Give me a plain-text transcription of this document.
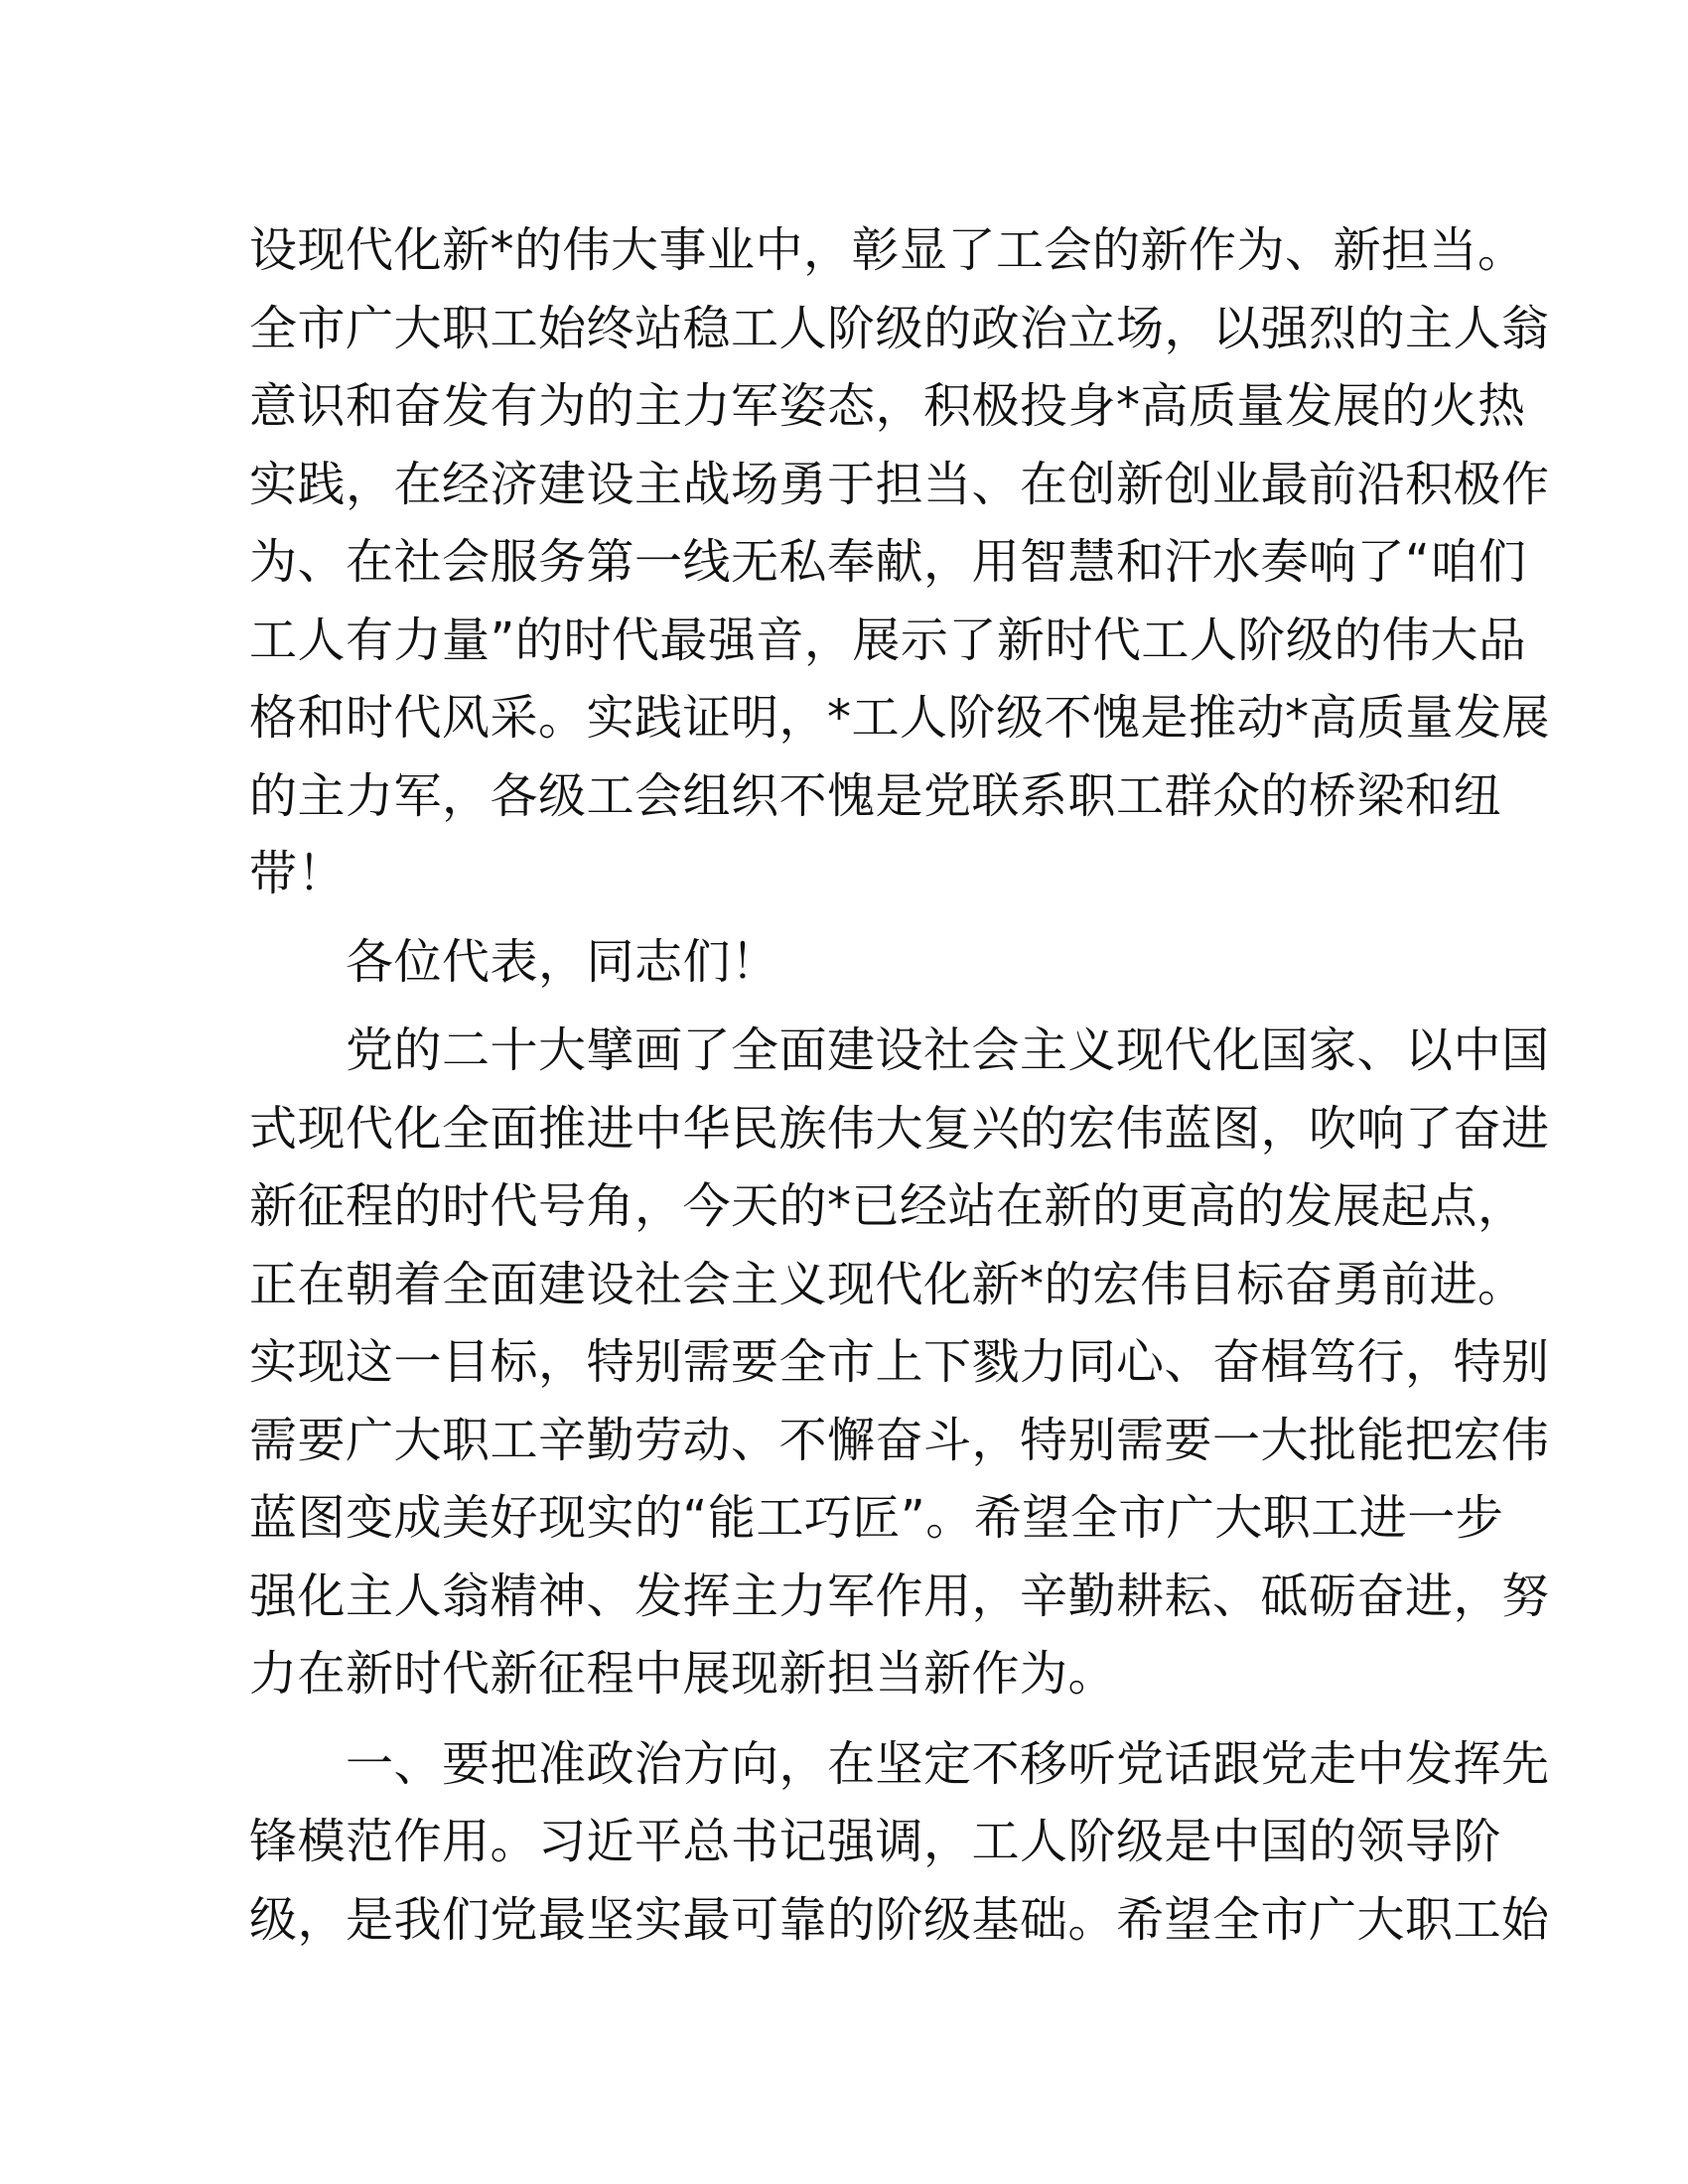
设现代化新*的伟大事业中，彰显了工会的新作为、新担当。
全市广大职工始终站稳工人阶级的政治立场，以强烈的主人翁
意识和奋发有为的主力军姿态，积极投身*高质量发展的火热
实践，在经济建设主战场勇于担当、在创新创业最前沿积极作
为、在社会服务第一线无私奉献，用智慧和汗水奏响了“咱们
工人有力量”的时代最强音，展示了新时代工人阶级的伟大品
格和时代风采。实践证明，*工人阶级不愧是推动*高质量发展
的主力军，各级工会组织不愧是党联系职工群众的桥梁和纽
带！
　　各位代表，同志们！
　　党的二十大擘画了全面建设社会主义现代化国家、以中国
式现代化全面推进中华民族伟大复兴的宏伟蓝图，吹响了奋进
新征程的时代号角，今天的*已经站在新的更高的发展起点，
正在朝着全面建设社会主义现代化新*的宏伟目标奋勇前进。
实现这一目标，特别需要全市上下戮力同心、奋楫笃行，特别
需要广大职工辛勤劳动、不懈奋斗，特别需要一大批能把宏伟
蓝图变成美好现实的“能工巧匠”。希望全市广大职工进一步
强化主人翁精神、发挥主力军作用，辛勤耕耘、砥砺奋进，努
力在新时代新征程中展现新担当新作为。
　　一、要把准政治方向，在坚定不移听党话跟党走中发挥先
锋模范作用。习近平总书记强调，工人阶级是中国的领导阶
级，是我们党最坚实最可靠的阶级基础。希望全市广大职工始
